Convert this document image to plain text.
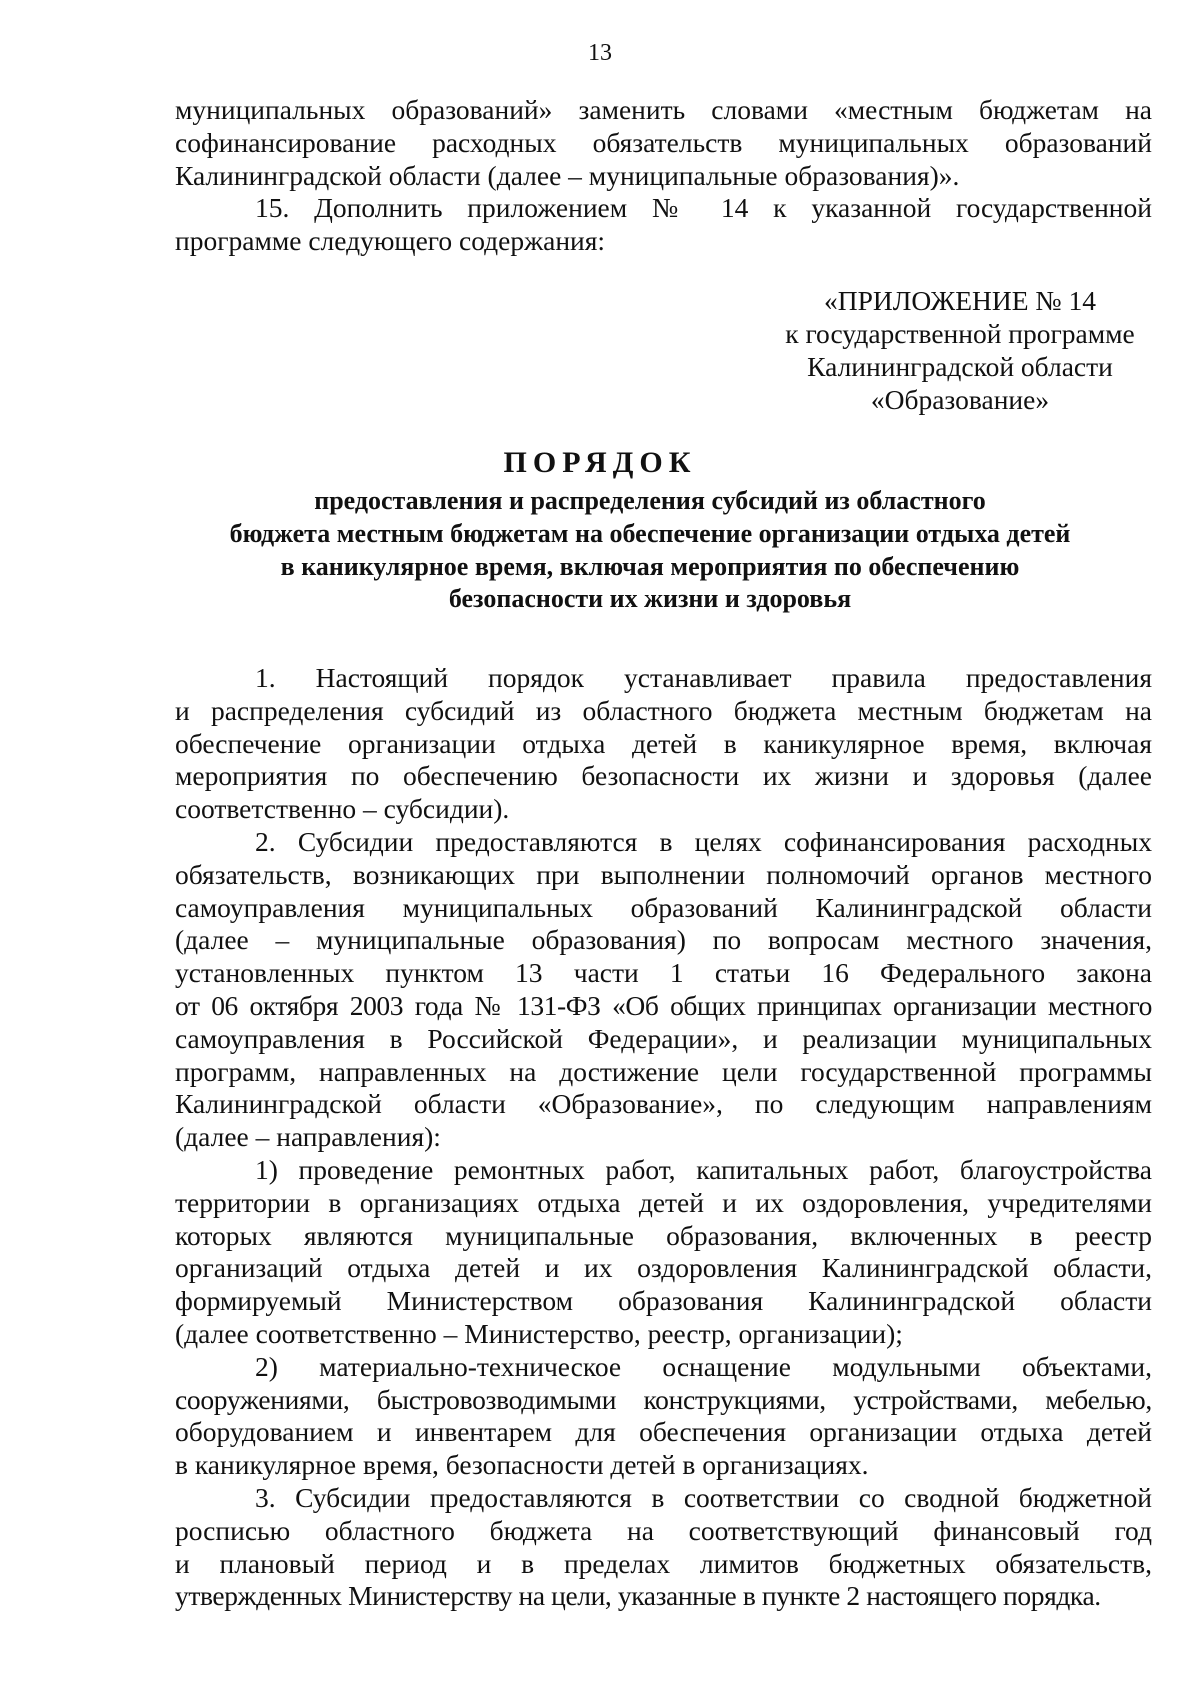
13

муниципальных образований» заменить словами «местным бюджетам на
софинансирование расходных обязательств муниципальных образований
Калининградской области (далее – муниципальные образования)».

15. Дополнить приложением № 14 к указанной государственной
программе следующего содержания:

«ПРИЛОЖЕНИЕ № 14
к государственной программе
Калининградской области
«Образование»
ПОРЯДОК
предоставления и распределения субсидий из областного
бюджета местным бюджетам на обеспечение организации отдыха детей
в каникулярное время, включая мероприятия по обеспечению
безопасности их жизни и здоровья

1. Настоящий порядок устанавливает правила предоставления
и распределения субсидий из областного бюджета местным бюджетам на
обеспечение организации отдыха детей в каникулярное время, включая
мероприятия по обеспечению безопасности их жизни и здоровья (далее
соответственно – субсидии).

2. Субсидии предоставляются в целях софинансирования расходных
обязательств, возникающих при выполнении полномочий органов местного
самоуправления муниципальных образований Калининградской области
(далее – муниципальные образования) по вопросам местного значения,
установленных пунктом 13 части 1 статьи 16 Федерального закона
от 06 октября 2003 года № 131-ФЗ «Об общих принципах организации местного
самоуправления в Российской Федерации», и реализации муниципальных
программ, направленных на достижение цели государственной программы
Калининградской области «Образование», по следующим направлениям
(далее – направления):

1) проведение ремонтных работ, капитальных работ, благоустройства
территории в организациях отдыха детей и их оздоровления, учредителями
которых являются муниципальные образования, включенных в реестр
организаций отдыха детей и их оздоровления Калининградской области,
формируемый Министерством образования Калининградской области
(далее соответственно – Министерство, реестр, организации);

2) материально-техническое оснащение модульными объектами,
сооружениями, быстровозводимыми конструкциями, устройствами, мебелью,
оборудованием и инвентарем для обеспечения организации отдыха детей
в каникулярное время, безопасности детей в организациях.

3. Субсидии предоставляются в соответствии со сводной бюджетной
росписью областного бюджета на соответствующий финансовый год
и плановый период и в пределах лимитов бюджетных обязательств,
утвержденных Министерству на цели, указанные в пункте 2 настоящего порядка.
